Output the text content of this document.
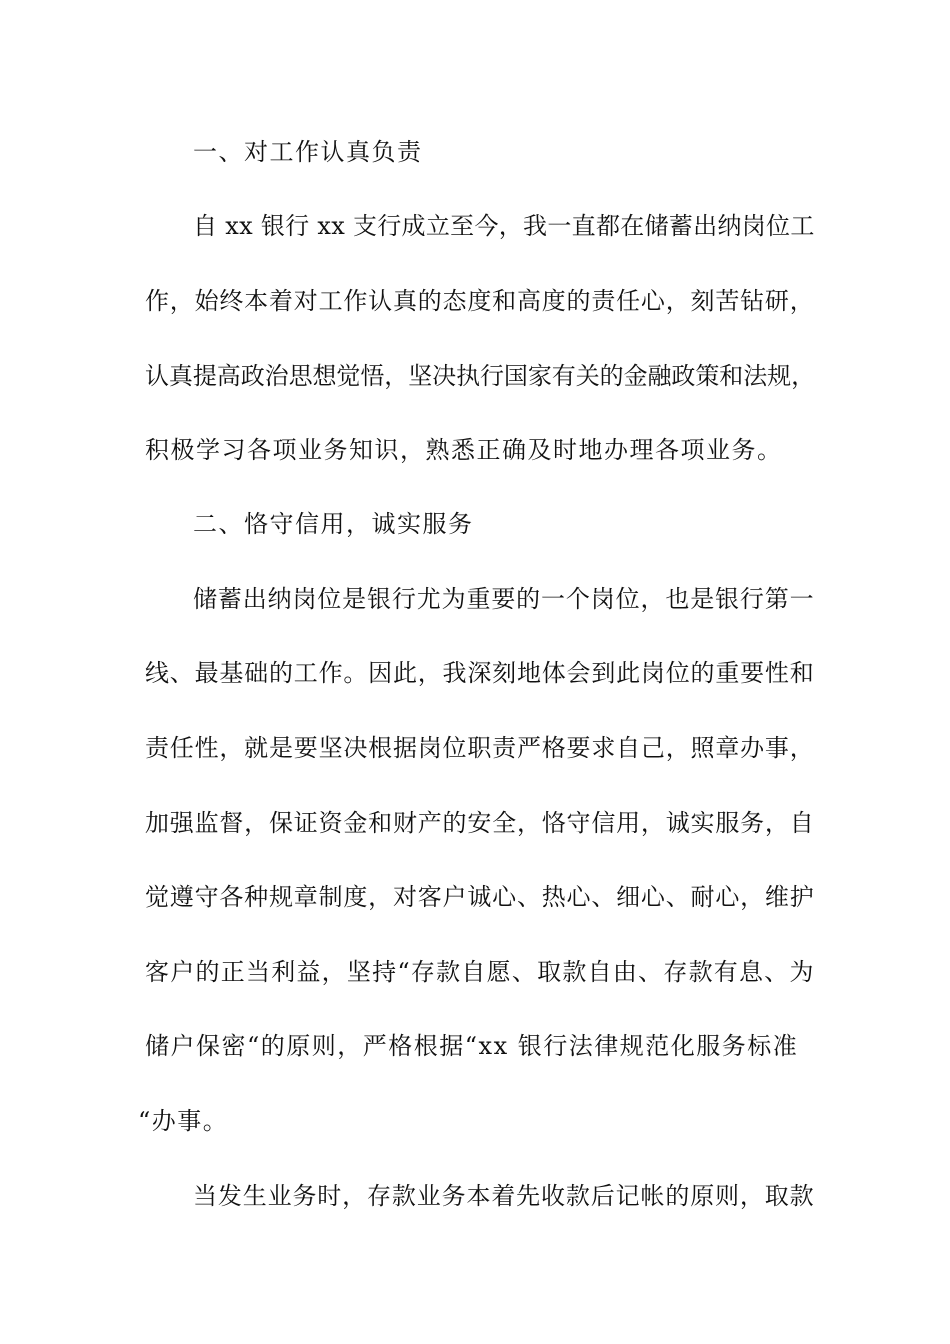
一、对工作认真负责
自 xx 银行 xx 支行成立至今，我一直都在储蓄出纳岗位工
作，始终本着对工作认真的态度和高度的责任心，刻苦钻研，
认真提高政治思想觉悟，坚决执行国家有关的金融政策和法规，
积极学习各项业务知识，熟悉正确及时地办理各项业务。
二、恪守信用，诚实服务
储蓄出纳岗位是银行尤为重要的一个岗位，也是银行第一
线、最基础的工作。因此，我深刻地体会到此岗位的重要性和
责任性，就是要坚决根据岗位职责严格要求自己，照章办事，
加强监督，保证资金和财产的安全，恪守信用，诚实服务，自
觉遵守各种规章制度，对客户诚心、热心、细心、耐心，维护
客户的正当利益，坚持“存款自愿、取款自由、存款有息、为
储户保密“的原则，严格根据“xx 银行法律规范化服务标准
“办事。
当发生业务时，存款业务本着先收款后记帐的原则，取款
